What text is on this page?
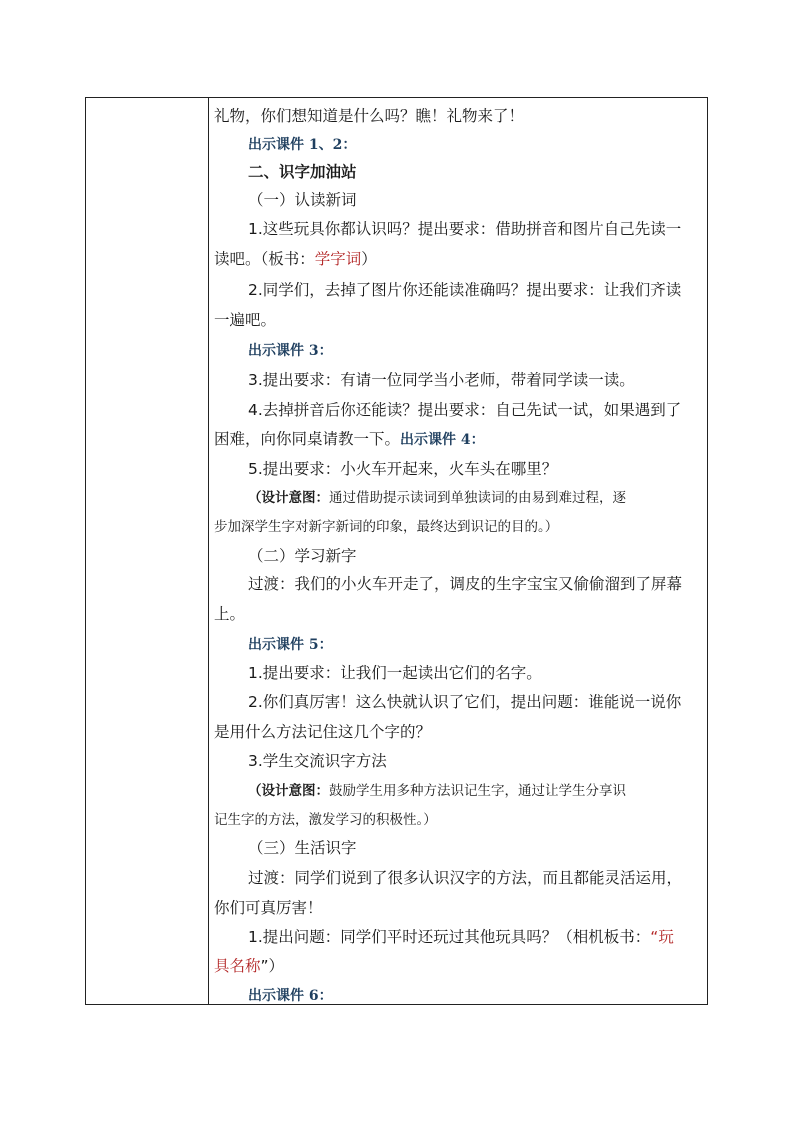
礼物，你们想知道是什么吗？瞧！礼物来了！
出示课件 1、2：
二、识字加油站
（一）认读新词
1.这些玩具你都认识吗？提出要求：借助拼音和图片自己先读一
读吧。（板书：学字词）
2.同学们，去掉了图片你还能读准确吗？提出要求：让我们齐读
一遍吧。
出示课件 3：
3.提出要求：有请一位同学当小老师，带着同学读一读。
4.去掉拼音后你还能读？提出要求：自己先试一试，如果遇到了
困难，向你同桌请教一下。出示课件 4：
5.提出要求：小火车开起来，火车头在哪里？
（设计意图：通过借助提示读词到单独读词的由易到难过程，逐
步加深学生字对新字新词的印象，最终达到识记的目的。）
（二）学习新字
过渡：我们的小火车开走了，调皮的生字宝宝又偷偷溜到了屏幕
上。
出示课件 5：
1.提出要求：让我们一起读出它们的名字。
2.你们真厉害！这么快就认识了它们，提出问题：谁能说一说你
是用什么方法记住这几个字的？
3.学生交流识字方法
（设计意图：鼓励学生用多种方法识记生字，通过让学生分享识
记生字的方法，激发学习的积极性。）
（三）生活识字
过渡：同学们说到了很多认识汉字的方法，而且都能灵活运用，
你们可真厉害！
1.提出问题：同学们平时还玩过其他玩具吗？（相机板书：“玩
具名称”）
出示课件 6：
